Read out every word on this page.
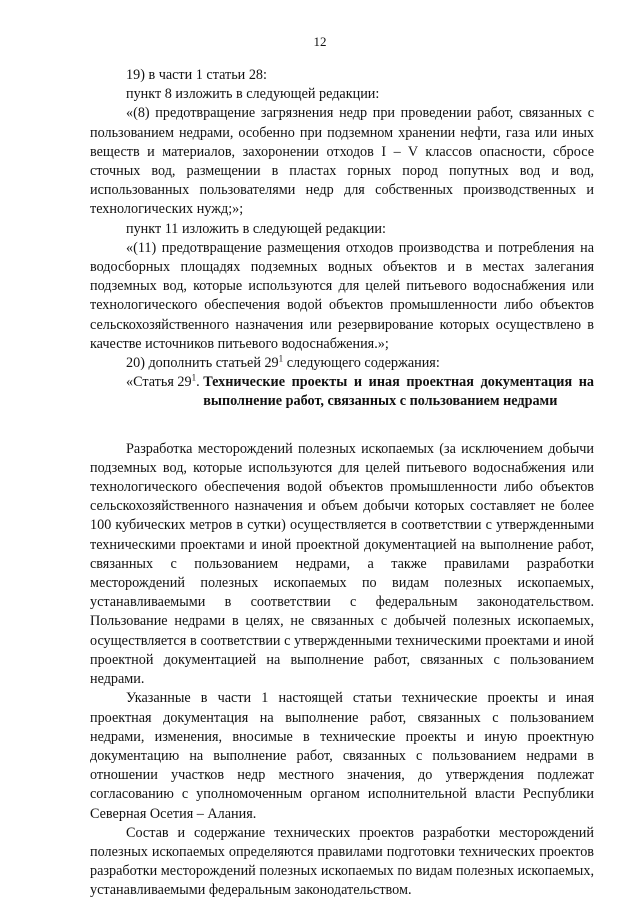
12

19) в части 1 статьи 28:

пункт 8 изложить в следующей редакции:

«(8) предотвращение загрязнения недр при проведении работ, связанных с пользованием недрами, особенно при подземном хранении нефти, газа или иных веществ и материалов, захоронении отходов I – V классов опасности, сбросе сточных вод, размещении в пластах горных пород попутных вод и вод, использованных пользователями недр для собственных производственных и технологических нужд;»;

пункт 11 изложить в следующей редакции:

«(11) предотвращение размещения отходов производства и потребления на водосборных площадях подземных водных объектов и в местах залегания подземных вод, которые используются для целей питьевого водоснабжения или технологического обеспечения водой объектов промышленности либо объектов сельскохозяйственного назначения или резервирование которых осуществлено в качестве источников питьевого водоснабжения.»;

20) дополнить статьей $29^1$ следующего содержания:

«Статья $29^1$. Технические проекты и иная проектная документация на выполнение работ, связанных с пользованием недрами

Разработка месторождений полезных ископаемых (за исключением добычи подземных вод, которые используются для целей питьевого водоснабжения или технологического обеспечения водой объектов промышленности либо объектов сельскохозяйственного назначения и объем добычи которых составляет не более 100 кубических метров в сутки) осуществляется в соответствии с утвержденными техническими проектами и иной проектной документацией на выполнение работ, связанных с пользованием недрами, а также правилами разработки месторождений полезных ископаемых по видам полезных ископаемых, устанавливаемыми в соответствии с федеральным законодательством. Пользование недрами в целях, не связанных с добычей полезных ископаемых, осуществляется в соответствии с утвержденными техническими проектами и иной проектной документацией на выполнение работ, связанных с пользованием недрами.

Указанные в части 1 настоящей статьи технические проекты и иная проектная документация на выполнение работ, связанных с пользованием недрами, изменения, вносимые в технические проекты и иную проектную документацию на выполнение работ, связанных с пользованием недрами в отношении участков недр местного значения, до утверждения подлежат согласованию с уполномоченным органом исполнительной власти Республики Северная Осетия – Алания.

Состав и содержание технических проектов разработки месторождений полезных ископаемых определяются правилами подготовки технических проектов разработки месторождений полезных ископаемых по видам полезных ископаемых, устанавливаемыми федеральным законодательством.
